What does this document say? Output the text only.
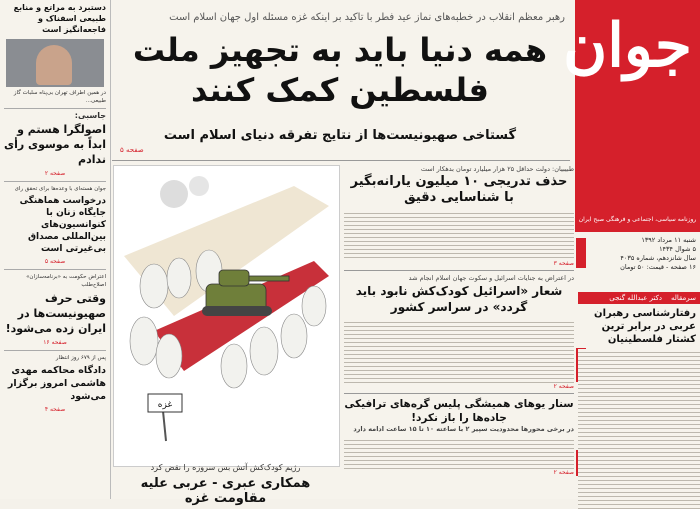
جوان
روزنامه سیاسی، اجتماعی و فرهنگی صبح ایران
شنبه ۱۱ مرداد ۱۳۹۲
۵ شوال ۱۴۳۴
سال شانزدهم، شماره ۴۰۳۵
۱۶ صفحه - قیمت: ۵۰ تومان
رهبر معظم انقلاب در خطبه‌های نماز عید فطر با تأکید بر اینکه غزه مسئله اول جهان اسلام است
همه دنیا باید به تجهیز ملت فلسطین کمک کنند
گستاخی صهیونیست‌ها از نتایج تفرقه دنیای اسلام است
صفحه ۵
دستبرد به مراتع و منابع طبیعی اسفناک و فاجعه‌انگیز است
در همین اطراف تهران بی‌پناه سلبات گاز طبیعی...
جاسبی:
اصولگرا هستم و ابداً به موسوی رأی ندادم
صفحه ۲
جوان هسته‌ای با وعده‌ها برای تحقق رای
درخواست هماهنگی جایگاه زنان با کنوانسیون‌های بین‌المللی مصداق بی‌غیرتی است
صفحه ۵
اعتراض حکومت به «برنامه‌سازان» اصلاح‌طلب
وقتی حرف صهیونیست‌ها در ایران زده می‌شود!
صفحه ۱۶
پس از ۶۷۹ روز انتظار
دادگاه محاکمه مهدی هاشمی امروز برگزار می‌شود
صفحه ۴	غزه
رژیم کودک‌کش آتش بس سروزه را نقض کرد
همکاری عبری - عربی علیه مقاومت غزه
طبیبیان: دولت حداقل ۲۵ هزار میلیارد تومان بدهکار است
حذف تدریجی ۱۰ میلیون یارانه‌بگیر با شناسایی دقیق
صفحه ۳
در اعتراض به جنایات اسرائیل و سکوت جهان اسلام انجام شد
شعار «اسرائیل کودک‌کش نابود باید گردد» در سراسر کشور
صفحه ۲
سنار یوهای همیشگی پلیس گره‌های ترافیکی جاده‌ها را باز نکرد!
در برخی محورها محدودیت سپیر ۲ با ساعته ۱۰ تا ۱۵ ساعت ادامه دارد
صفحه ۲
سرمقاله    دکتر عبدالله گنجی
رفتارشناسی رهبران عربی در برابر ترین کشتار فلسطینیان
